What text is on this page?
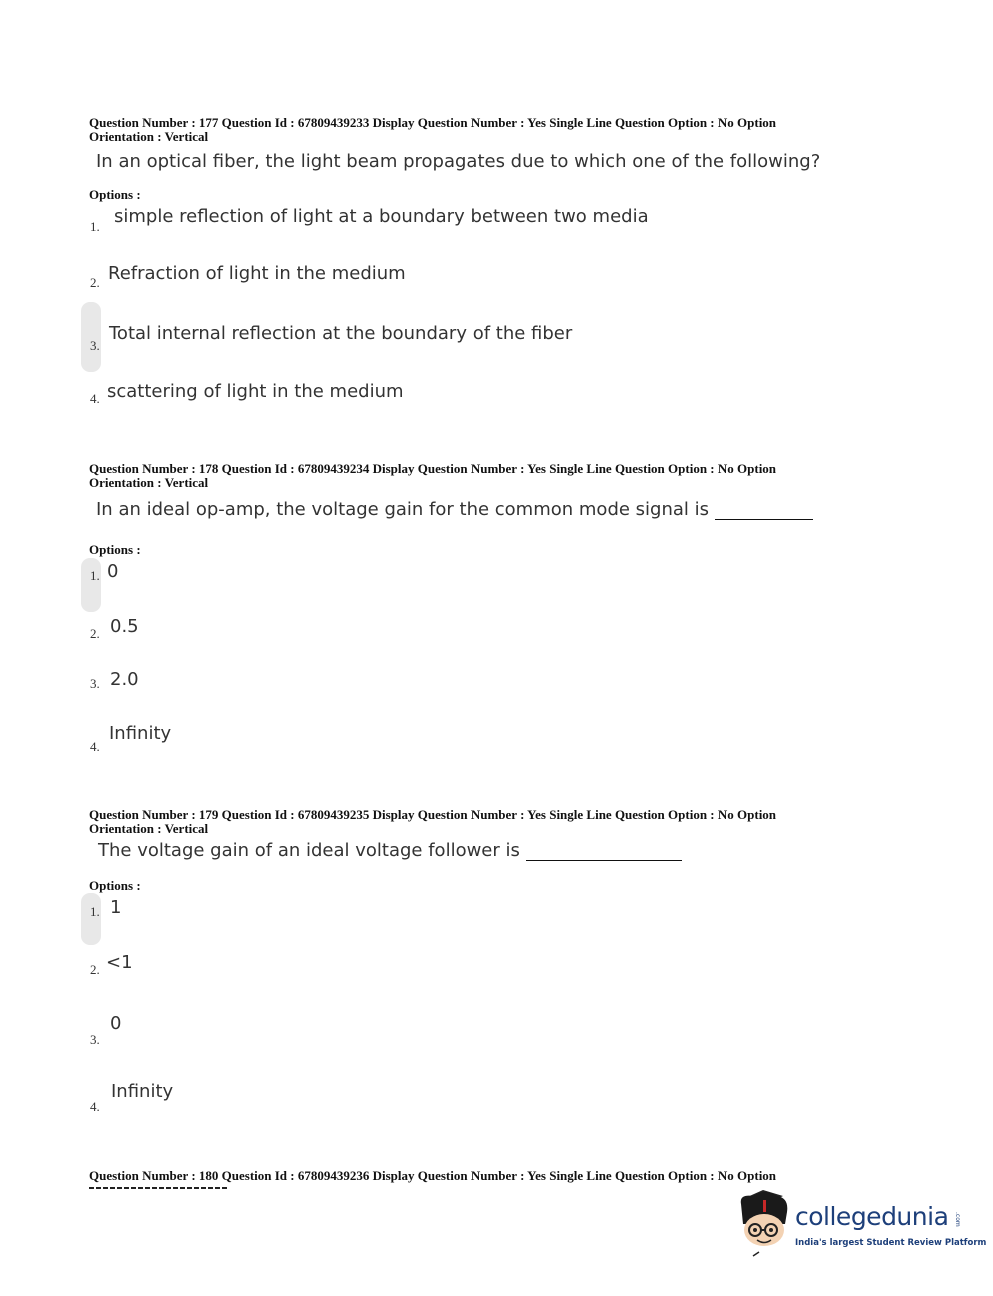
Question Number : 177 Question Id : 67809439233 Display Question Number : Yes Single Line Question Option : No Option
Orientation : Vertical
In an optical fiber, the light beam propagates due to which one of the following?
Options :
1. simple reflection of light at a boundary between two media
2. Refraction of light in the medium
3.
Total internal reflection at the boundary of the fiber
4. scattering of light in the medium
Question Number : 178 Question Id : 67809439234 Display Question Number : Yes Single Line Question Option : No Option
Orientation : Vertical
In an ideal op-amp, the voltage gain for the common mode signal is
Options :
1. 0
2. 0.5
3. 2.0
4.
Infinity
Question Number : 179 Question Id : 67809439235 Display Question Number : Yes Single Line Question Option : No Option
Orientation : Vertical
The voltage gain of an ideal voltage follower is
Options :
1. 1
2. <1
3.
0
4.
Infinity
Question Number : 180 Question Id : 67809439236 Display Question Number : Yes Single Line Question Option : No Option
collegedunia .com
India's largest Student Review Platform
